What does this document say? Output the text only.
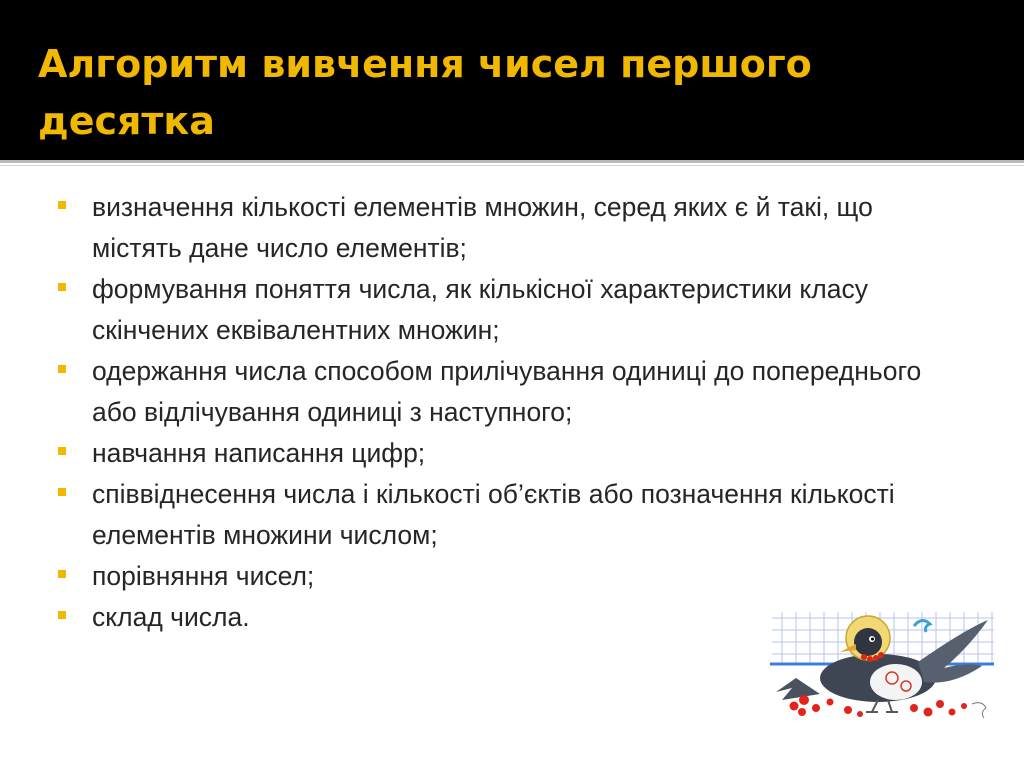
Алгоритм вивчення чисел першого десятка
визначення кількості елементів множин, серед яких є й такі, що містять дане число елементів;
формування поняття числа, як кількісної характеристики класу скінчених еквівалентних множин;
одержання числа способом прилічування одиниці до попереднього або відлічування одиниці з наступного;
навчання написання цифр;
співвіднесення числа і кількості об’єктів або позначення кількості елементів множини числом;
порівняння чисел;
склад числа.
